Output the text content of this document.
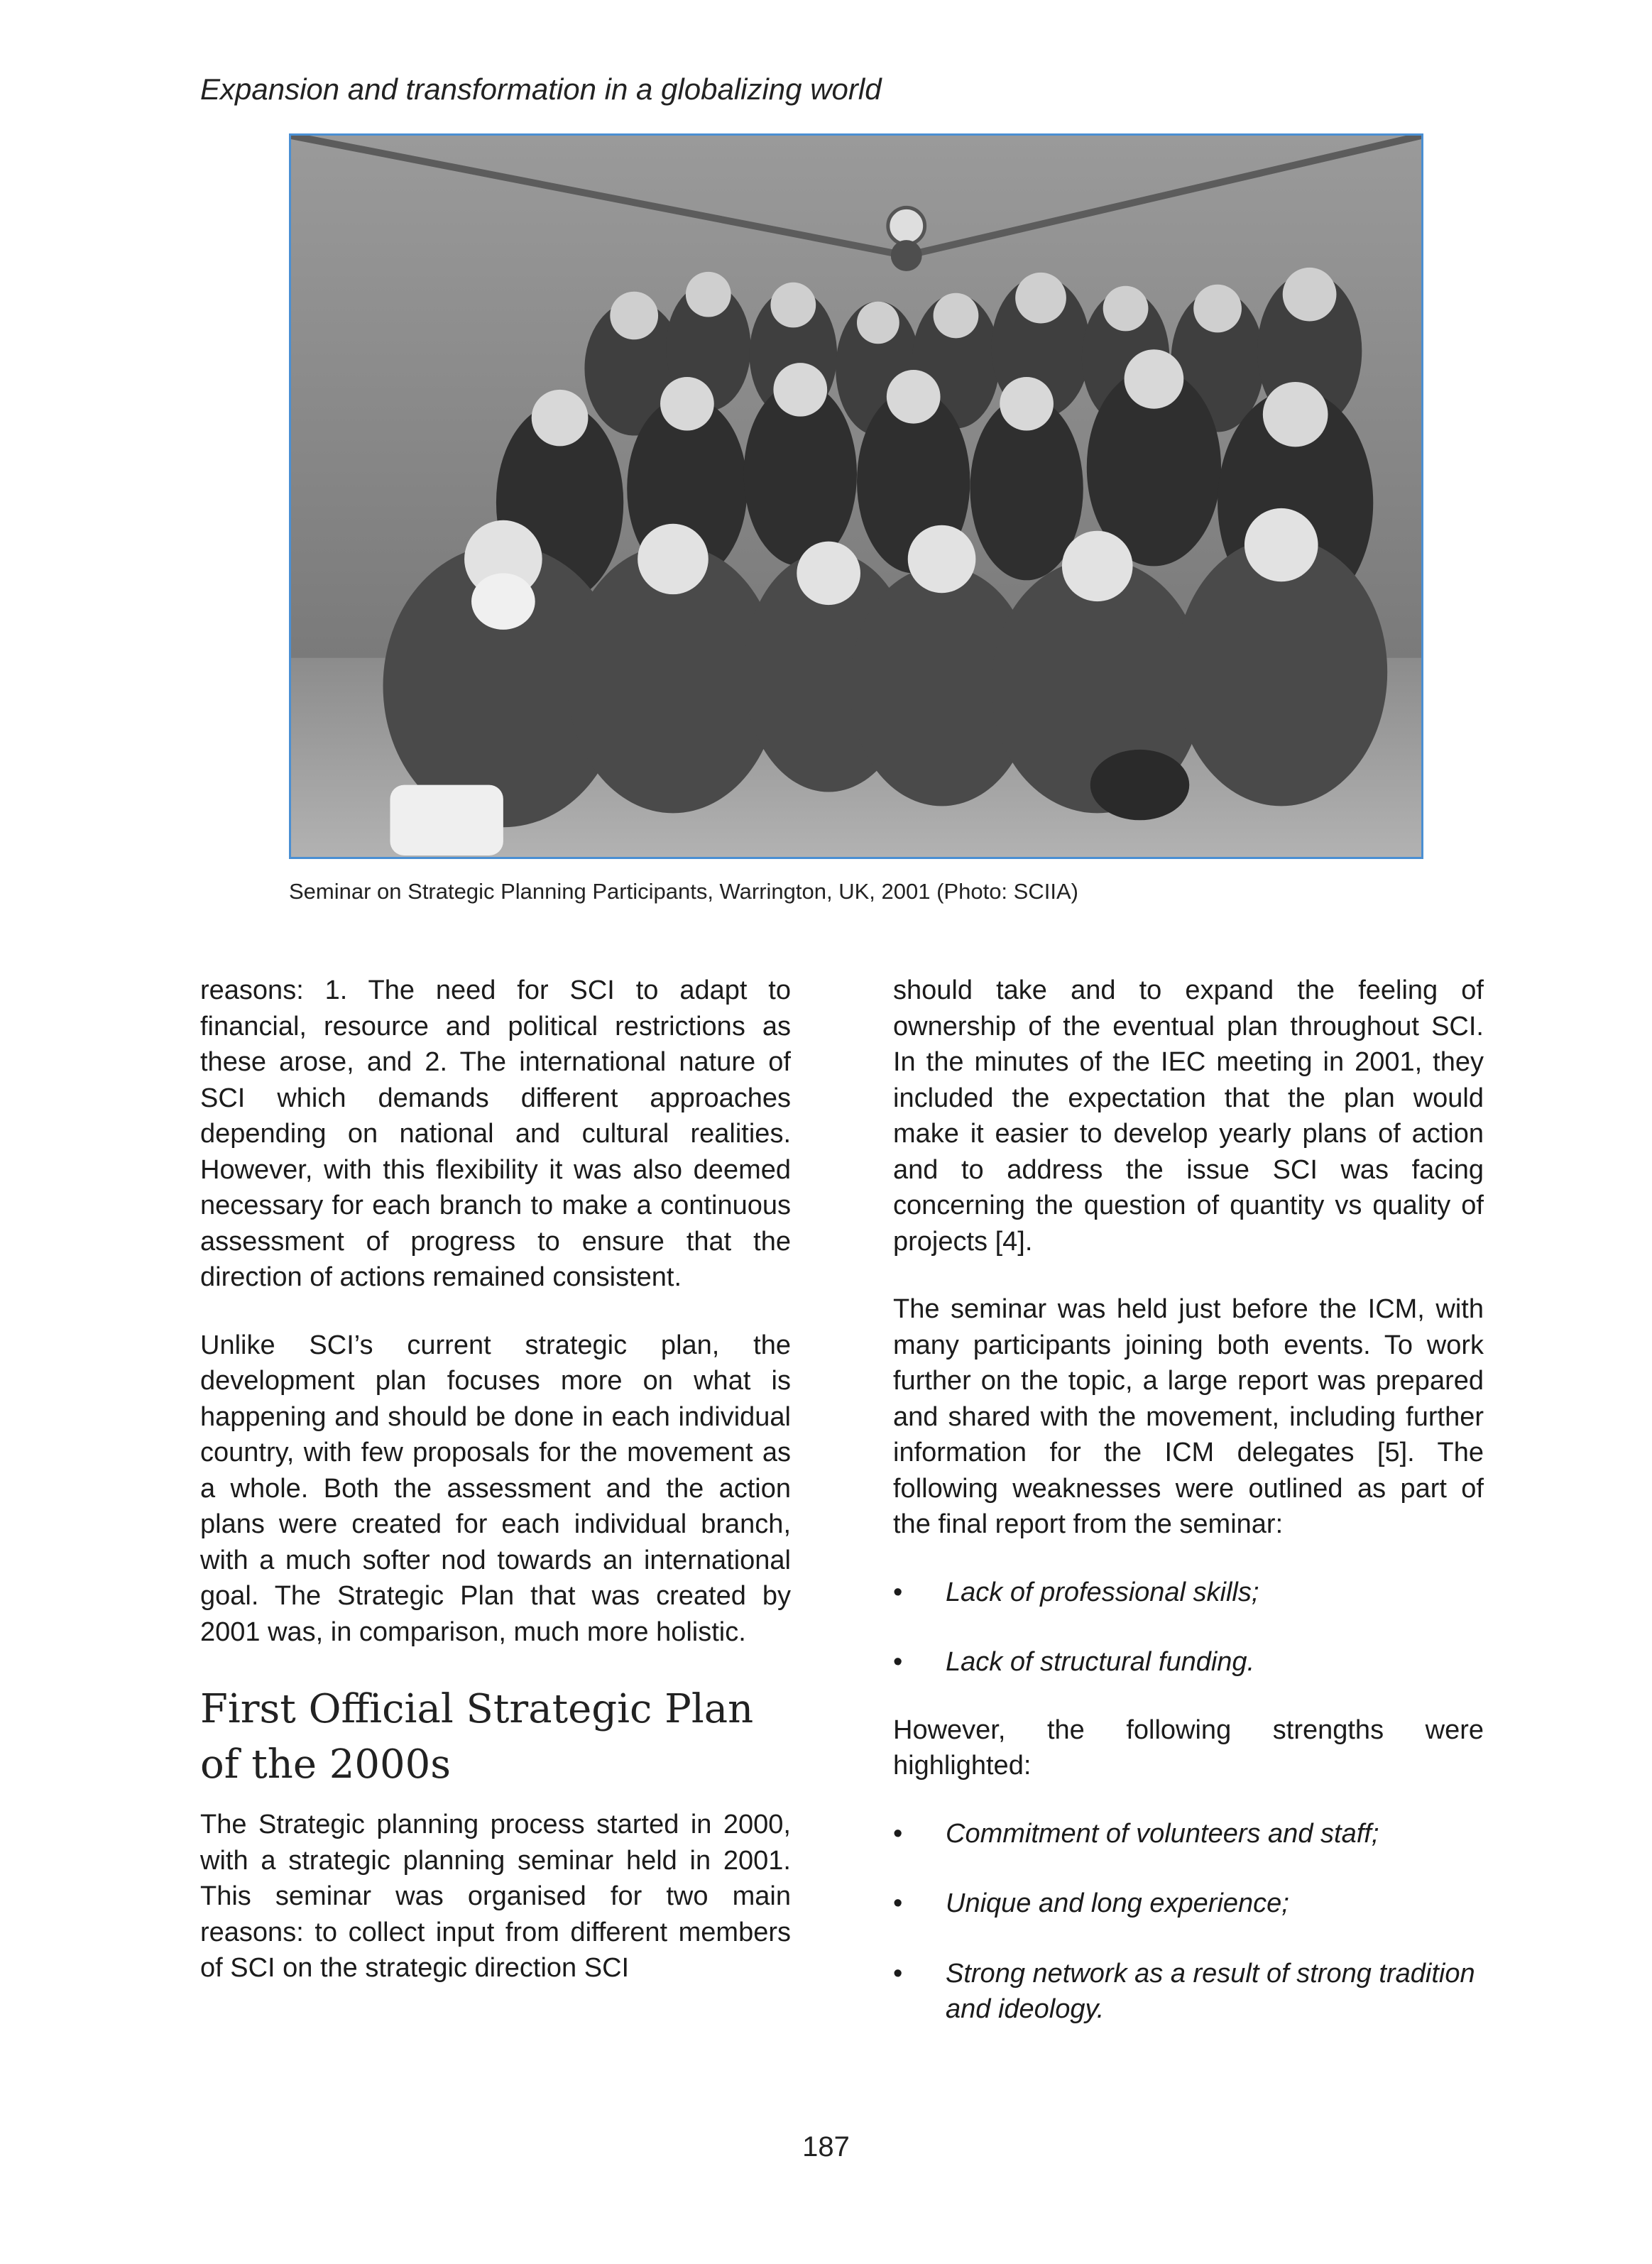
Expansion and transformation in a globalizing world
Seminar on Strategic Planning Participants, Warrington, UK, 2001 (Photo: SCIIA)

reasons: 1. The need for SCI to adapt to financial, resource and political restrictions as these arose, and 2. The international nature of SCI which demands different approaches depending on national and cultural realities. However, with this flexibility it was also deemed necessary for each branch to make a continuous assessment of progress to ensure that the direction of actions remained consistent.

Unlike SCI’s current strategic plan, the development plan focuses more on what is happening and should be done in each individual country, with few proposals for the movement as a whole. Both the assessment and the action plans were created for each individual branch, with a much softer nod towards an international goal. The Strategic Plan that was created by 2001 was, in comparison, much more holistic.

First Official Strategic Plan of the 2000s

The Strategic planning process started in 2000, with a strategic planning seminar held in 2001. This seminar was organised for two main reasons: to collect input from different members of SCI on the strategic direction SCI

should take and to expand the feeling of ownership of the eventual plan throughout SCI. In the minutes of the IEC meeting in 2001, they included the expectation that the plan would make it easier to develop yearly plans of action and to address the issue SCI was facing concerning the question of quantity vs quality of projects [4].

The seminar was held just before the ICM, with many participants joining both events. To work further on the topic, a large report was prepared and shared with the movement, including further information for the ICM delegates [5]. The following weaknesses were outlined as part of the final report from the seminar:

• Lack of professional skills;
• Lack of structural funding.

However, the following strengths were highlighted:

• Commitment of volunteers and staff;
• Unique and long experience;
• Strong network as a result of strong tradition and ideology.
187
